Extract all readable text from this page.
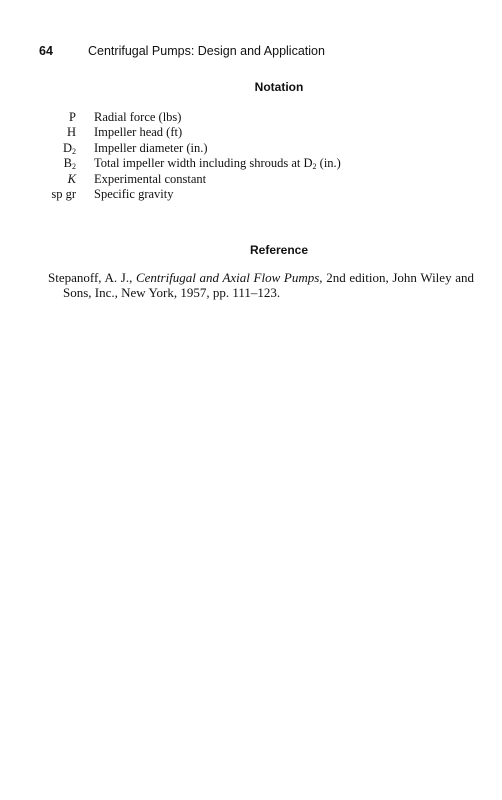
64	Centrifugal Pumps: Design and Application
Notation
P	Radial force (lbs)
H	Impeller head (ft)
$D_2$	Impeller diameter (in.)
$B_2$	Total impeller width including shrouds at $D_2$ (in.)
K	Experimental constant
sp gr	Specific gravity
Reference
Stepanoff, A. J., Centrifugal and Axial Flow Pumps, 2nd edition, John Wiley and Sons, Inc., New York, 1957, pp. 111–123.
